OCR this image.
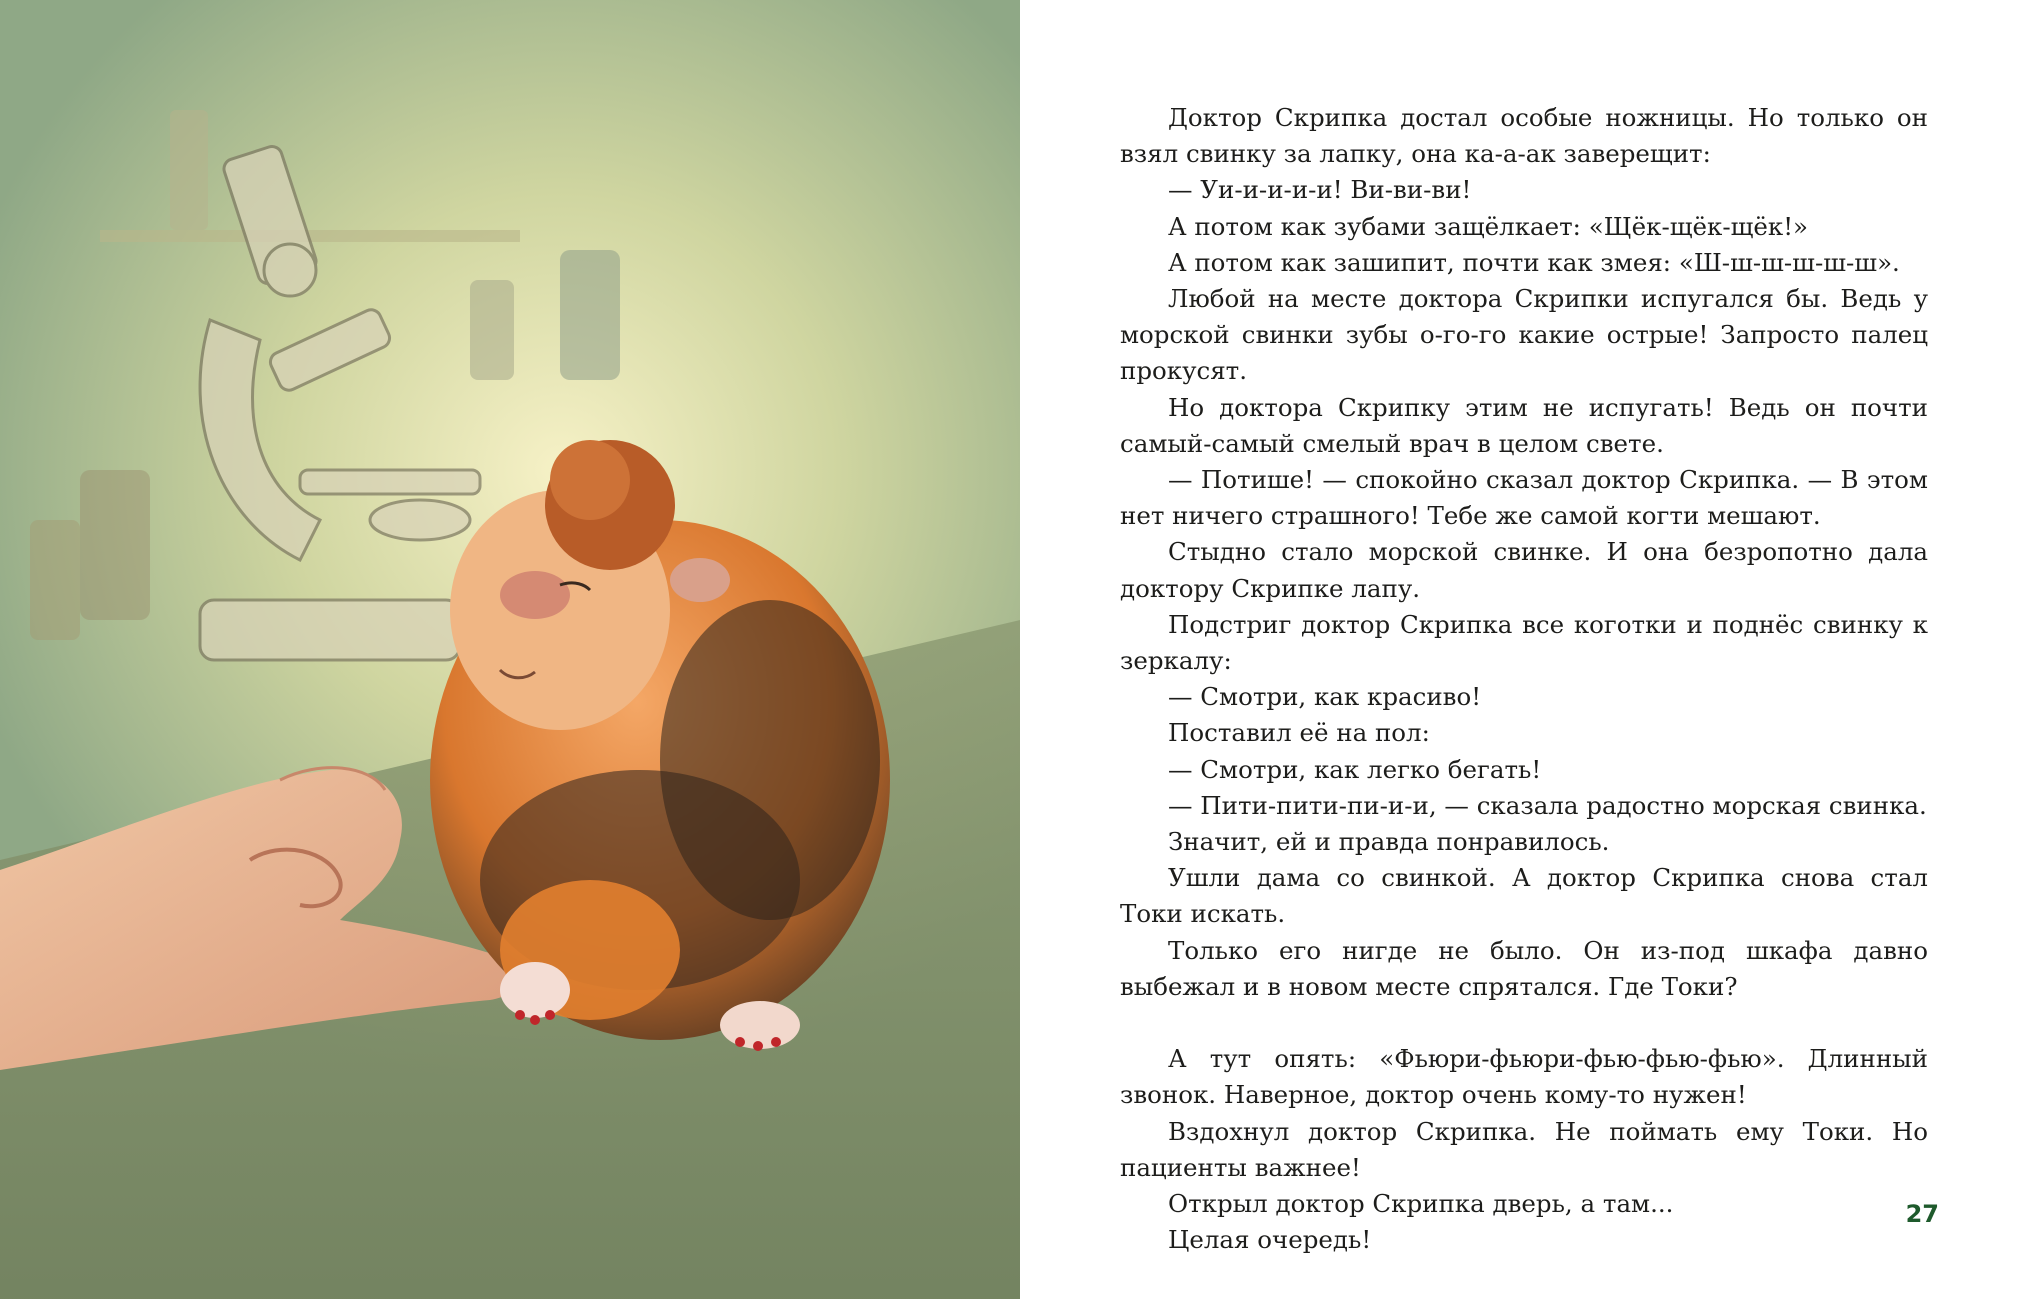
Доктор Скрипка достал особые ножницы. Но только он взял свинку за лапку, она ка-а-ак заверещит:

— Уи-и-и-и-и! Ви-ви-ви!

А потом как зубами защёлкает: «Щёк-щёк-щёк!»

А потом как зашипит, почти как змея: «Ш-ш-ш-ш-ш-ш».

Любой на месте доктора Скрипки испугался бы. Ведь у морской свинки зубы о-го-го какие острые! Запросто палец прокусят.

Но доктора Скрипку этим не испугать! Ведь он почти самый-самый смелый врач в целом свете.

— Потише! — спокойно сказал доктор Скрипка. — В этом нет ничего страшного! Тебе же самой когти мешают.

Стыдно стало морской свинке. И она безропотно дала доктору Скрипке лапу.

Подстриг доктор Скрипка все коготки и поднёс свинку к зеркалу:

— Смотри, как красиво!

Поставил её на пол:

— Смотри, как легко бегать!

— Пити-пити-пи-и-и, — сказала радостно морская свинка.

Значит, ей и правда понравилось.

Ушли дама со свинкой. А доктор Скрипка снова стал Токи искать.

Только его нигде не было. Он из-под шкафа давно выбежал и в новом месте спрятался. Где Токи?

А тут опять: «Фьюри-фьюри-фью-фью-фью». Длинный звонок. Наверное, доктор очень кому-то нужен!

Вздохнул доктор Скрипка. Не поймать ему Токи. Но пациенты важнее!

Открыл доктор Скрипка дверь, а там...

Целая очередь!

27
